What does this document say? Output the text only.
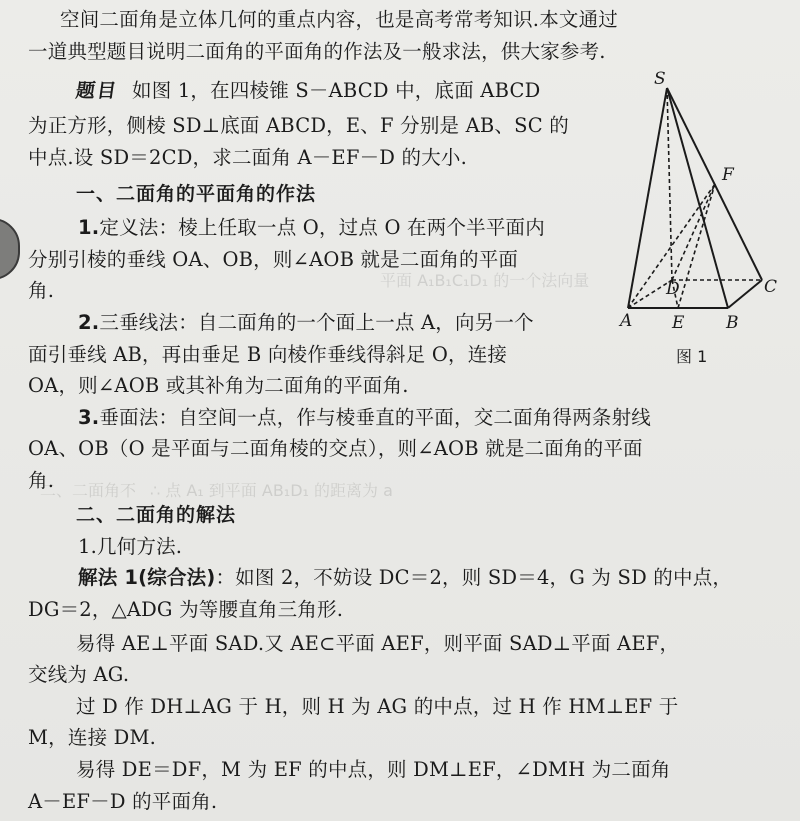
∴ 点 A₁ 到平面 AB₁D₁ 的距离为 a
二、二面角不
平面 A₁B₁C₁D₁ 的一个法向量
空间二面角是立体几何的重点内容，也是高考常考知识.本文通过
一道典型题目说明二面角的平面角的作法及一般求法，供大家参考.
题目 如图 1，在四棱锥 S－ABCD 中，底面 ABCD
为正方形，侧棱 SD⊥底面 ABCD，E、F 分别是 AB、SC 的
中点.设 SD＝2CD，求二面角 A－EF－D 的大小.
一、二面角的平面角的作法
1.定义法：棱上任取一点 O，过点 O 在两个半平面内
分别引棱的垂线 OA、OB，则∠AOB 就是二面角的平面
角.
2.三垂线法：自二面角的一个面上一点 A，向另一个
面引垂线 AB，再由垂足 B 向棱作垂线得斜足 O，连接
OA，则∠AOB 或其补角为二面角的平面角.
3.垂面法：自空间一点，作与棱垂直的平面，交二面角得两条射线
OA、OB（O 是平面与二面角棱的交点），则∠AOB 就是二面角的平面
角.
二、二面角的解法
1.几何方法.
解法 1(综合法)：如图 2，不妨设 DC＝2，则 SD＝4，G 为 SD 的中点，
DG＝2，△ADG 为等腰直角三角形.
易得 AE⊥平面 SAD.又 AE⊂平面 AEF，则平面 SAD⊥平面 AEF，
交线为 AG.
过 D 作 DH⊥AG 于 H，则 H 为 AG 的中点，过 H 作 HM⊥EF 于
M，连接 DM.
易得 DE＝DF，M 为 EF 的中点，则 DM⊥EF，∠DMH 为二面角
A－EF－D 的平面角.
S
F
D	C
A E B
图 1
